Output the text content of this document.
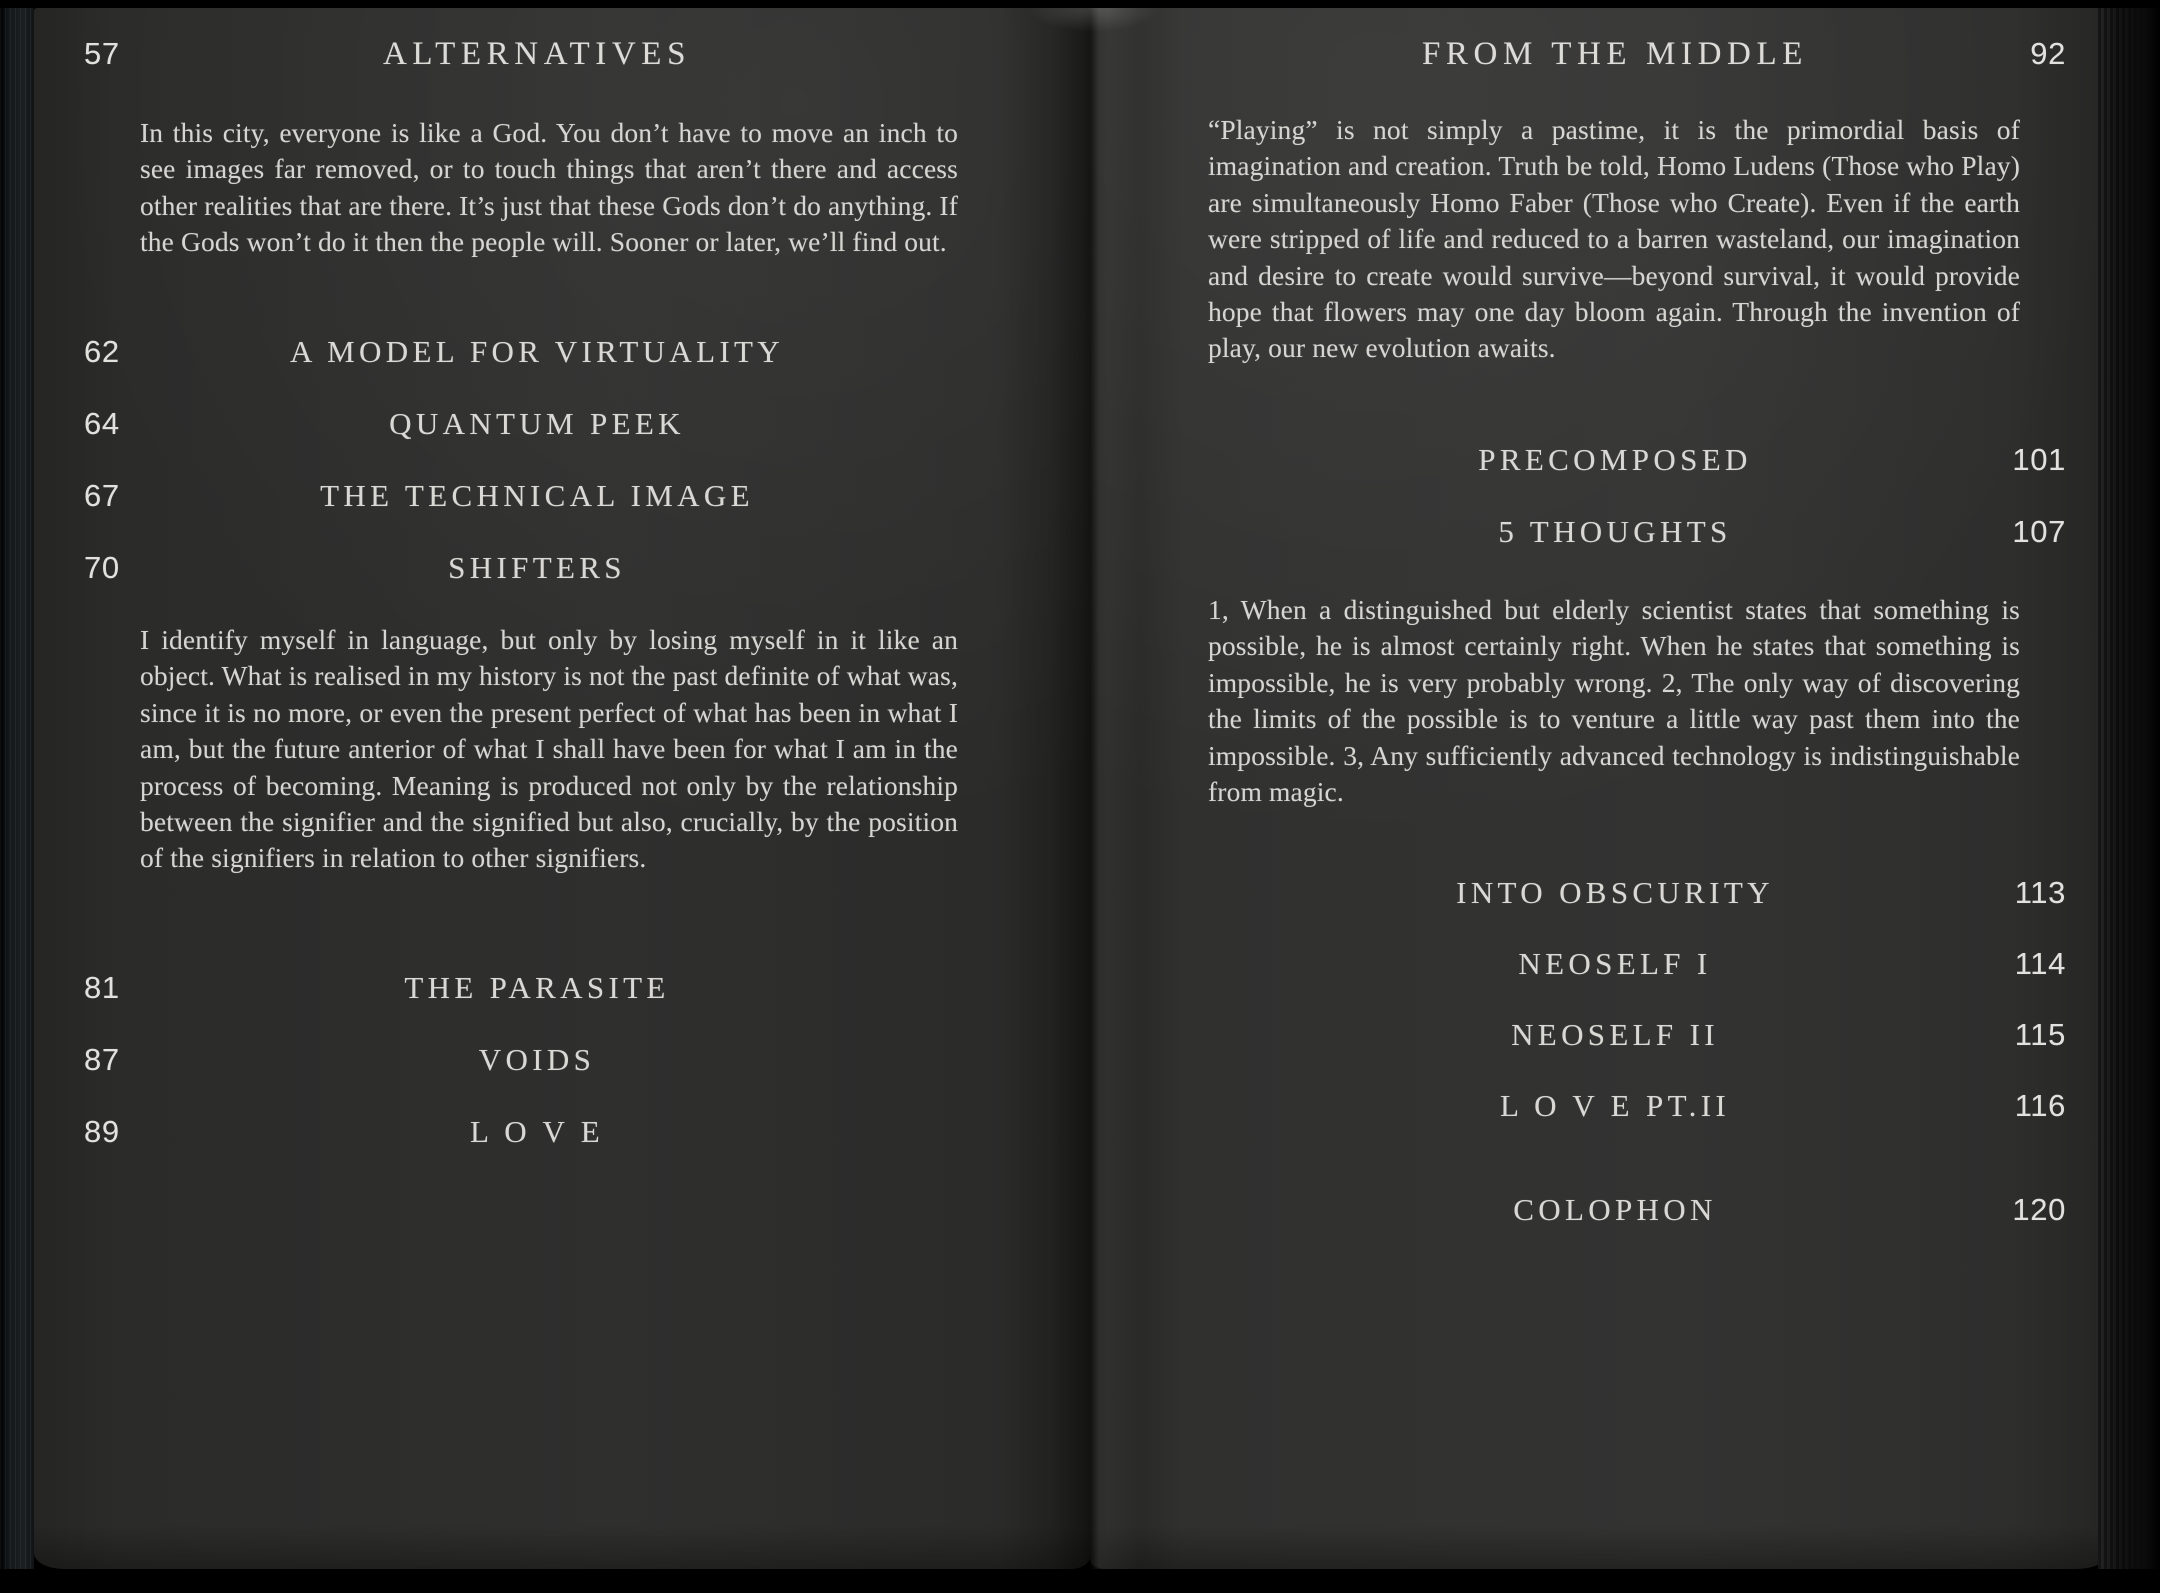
57	ALTERNATIVES

In this city, everyone is like a God. You don’t have to move an inch to see images far removed, or to touch things that aren’t there and access other realities that are there. It’s just that these Gods don’t do anything. If the Gods won’t do it then the people will. Sooner or later, we’ll find out.

62	A MODEL FOR VIRTUALITY
64	QUANTUM PEEK
67	THE TECHNICAL IMAGE
70	SHIFTERS

I identify myself in language, but only by losing myself in it like an object. What is realised in my history is not the past definite of what was, since it is no more, or even the present perfect of what has been in what I am, but the future anterior of what I shall have been for what I am in the process of becoming. Meaning is produced not only by the relationship between the signifier and the signified but also, crucially, by the position of the signifiers in relation to other signifiers.

81	THE PARASITE
87	VOIDS
89	L O V E
FROM THE MIDDLE	92

“Playing” is not simply a pastime, it is the primordial basis of imagination and creation. Truth be told, Homo Ludens (Those who Play) are simultaneously Homo Faber (Those who Create). Even if the earth were stripped of life and reduced to a barren wasteland, our imagination and desire to create would survive—beyond survival, it would provide hope that flowers may one day bloom again. Through the invention of play, our new evolution awaits.

PRECOMPOSED	101
5 THOUGHTS	107

1, When a distinguished but elderly scientist states that something is possible, he is almost certainly right. When he states that something is impossible, he is very probably wrong. 2, The only way of discovering the limits of the possible is to venture a little way past them into the impossible. 3, Any sufficiently advanced technology is indistinguishable from magic.

INTO OBSCURITY	113
NEOSELF I	114
NEOSELF II	115
L O V E PT.II	116
COLOPHON	120
